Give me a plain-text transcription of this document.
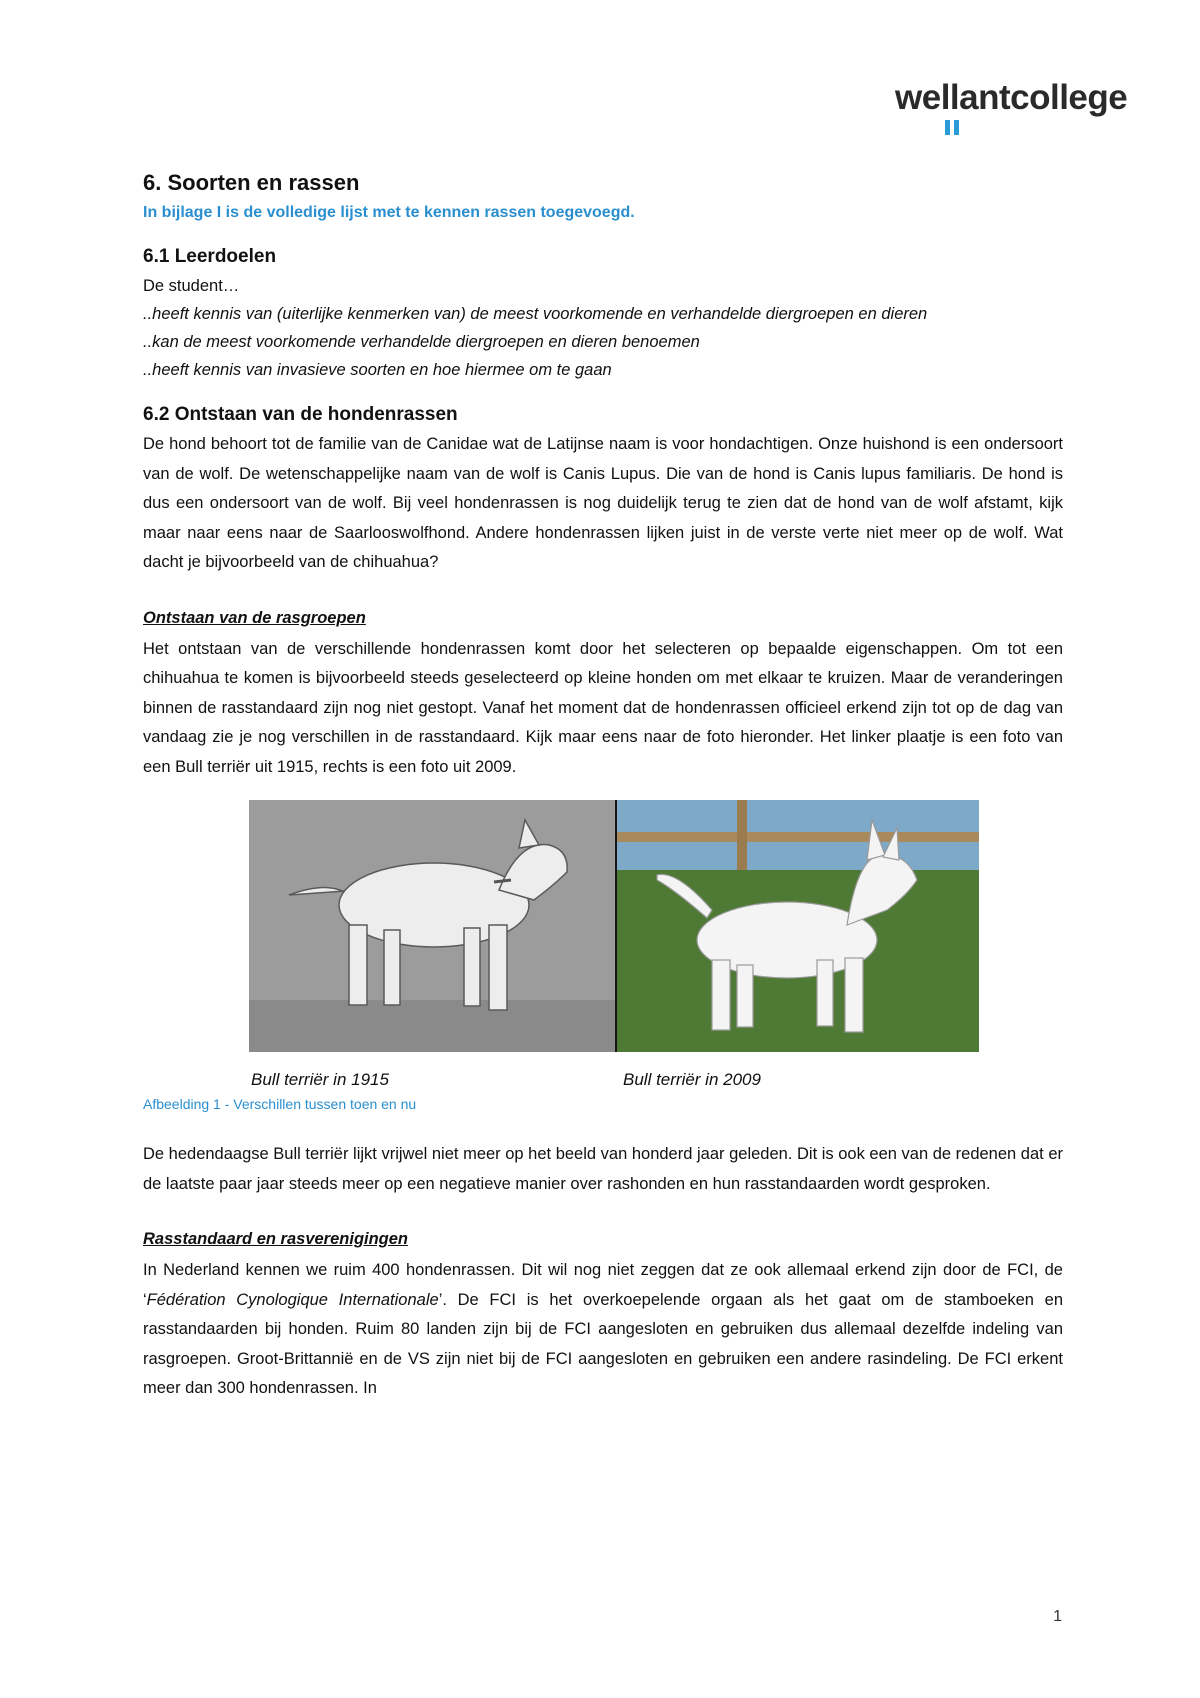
wellantcollege
6. Soorten en rassen

In bijlage I is de volledige lijst met te kennen rassen toegevoegd.

6.1 Leerdoelen

De student…

..heeft kennis van (uiterlijke kenmerken van) de meest voorkomende en verhandelde diergroepen en dieren
..kan de meest voorkomende verhandelde diergroepen en dieren benoemen
..heeft kennis van invasieve soorten en hoe hiermee om te gaan
6.2 Ontstaan van de hondenrassen

De hond behoort tot de familie van de Canidae wat de Latijnse naam is voor hondachtigen. Onze huishond is een ondersoort van de wolf. De wetenschappelijke naam van de wolf is Canis Lupus. Die van de hond is Canis lupus familiaris. De hond is dus een ondersoort van de wolf. Bij veel hondenrassen is nog duidelijk terug te zien dat de hond van de wolf afstamt, kijk maar naar eens naar de Saarlooswolfhond. Andere hondenrassen lijken juist in de verste verte niet meer op de wolf. Wat dacht je bijvoorbeeld van de chihuahua?

Ontstaan van de rasgroepen

Het ontstaan van de verschillende hondenrassen komt door het selecteren op bepaalde eigenschappen. Om tot een chihuahua te komen is bijvoorbeeld steeds geselecteerd op kleine honden om met elkaar te kruizen. Maar de veranderingen binnen de rasstandaard zijn nog niet gestopt. Vanaf het moment dat de hondenrassen officieel erkend zijn tot op de dag van vandaag zie je nog verschillen in de rasstandaard. Kijk maar eens naar de foto hieronder. Het linker plaatje is een foto van een Bull terriër uit 1915, rechts is een foto uit 2009.

Bull terriër in 1915	Bull terriër in 2009

Afbeelding 1 - Verschillen tussen toen en nu

De hedendaagse Bull terriër lijkt vrijwel niet meer op het beeld van honderd jaar geleden. Dit is ook een van de redenen dat er de laatste paar jaar steeds meer op een negatieve manier over rashonden en hun rasstandaarden wordt gesproken.

Rasstandaard en rasverenigingen

In Nederland kennen we ruim 400 hondenrassen. Dit wil nog niet zeggen dat ze ook allemaal erkend zijn door de FCI, de ‘Fédération Cynologique Internationale’. De FCI is het overkoepelende orgaan als het gaat om de stamboeken en rasstandaarden bij honden. Ruim 80 landen zijn bij de FCI aangesloten en gebruiken dus allemaal dezelfde indeling van rasgroepen. Groot-Brittannië en de VS zijn niet bij de FCI aangesloten en gebruiken een andere rasindeling. De FCI erkent meer dan 300 hondenrassen. In

1
